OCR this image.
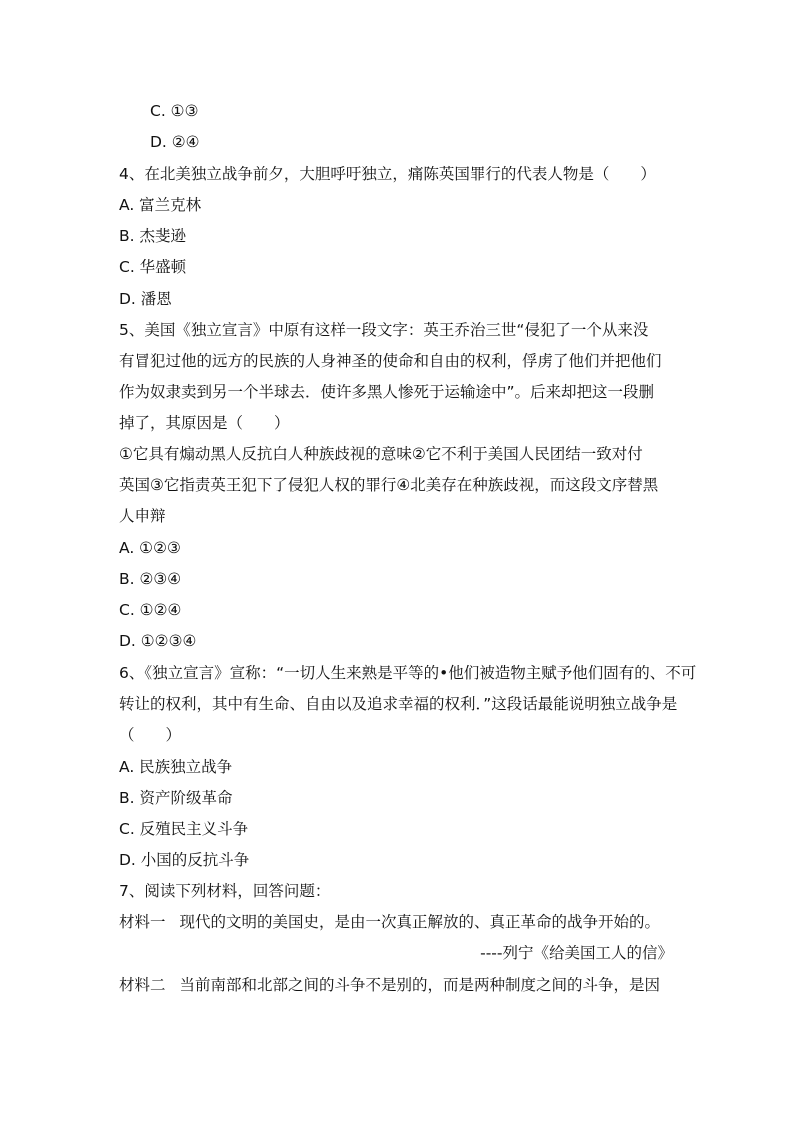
C. ①③
D. ②④
4、在北美独立战争前夕，大胆呼吁独立，痛陈英国罪行的代表人物是（　　）
A. 富兰克林
B. 杰斐逊
C. 华盛顿
D. 潘恩
5、美国《独立宣言》中原有这样一段文字：英王乔治三世“侵犯了一个从来没
有冒犯过他的远方的民族的人身神圣的使命和自由的权利，俘虏了他们并把他们
作为奴隶卖到另一个半球去．使许多黑人惨死于运输途中”。后来却把这一段删
掉了，其原因是（　　）
①它具有煽动黑人反抗白人种族歧视的意味②它不利于美国人民团结一致对付
英国③它指责英王犯下了侵犯人权的罪行④北美存在种族歧视，而这段文序替黑
人申辩
A. ①②③
B. ②③④
C. ①②④
D. ①②③④
6、《独立宣言》宣称：“一切人生来熟是平等的•他们被造物主赋予他们固有的、不可
转让的权利，其中有生命、自由以及追求幸福的权利．”这段话最能说明独立战争是
（　　）
A. 民族独立战争
B. 资产阶级革命
C. 反殖民主义斗争
D. 小国的反抗斗争
7、阅读下列材料，回答问题：
材料一 现代的文明的美国史，是由一次真正解放的、真正革命的战争开始的。
----列宁《给美国工人的信》
材料二 当前南部和北部之间的斗争不是别的，而是两种制度之间的斗争，是因
